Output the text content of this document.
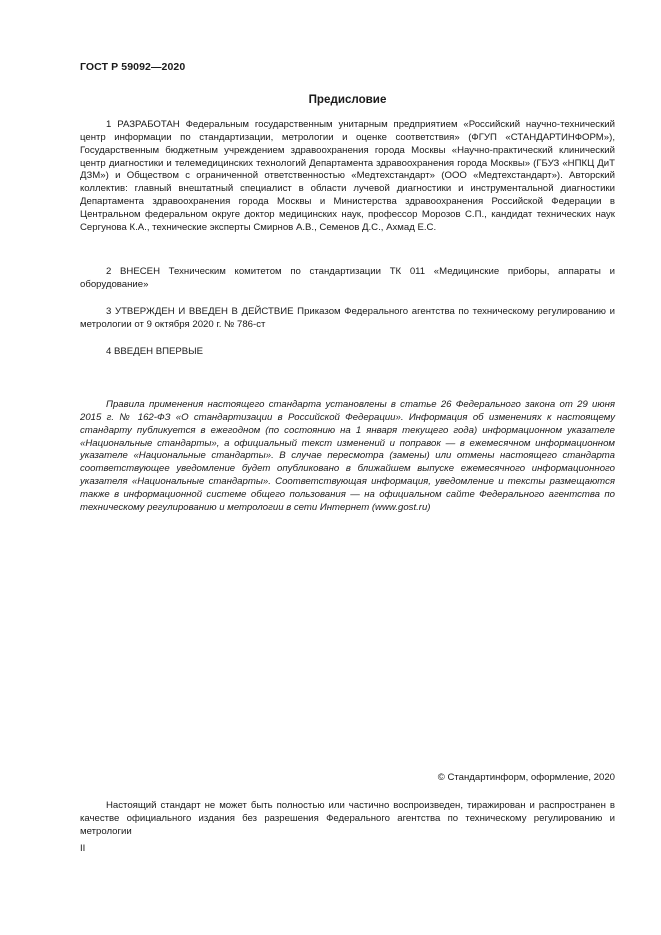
ГОСТ Р 59092—2020
Предисловие

1 РАЗРАБОТАН Федеральным государственным унитарным предприятием «Российский научно-технический центр информации по стандартизации, метрологии и оценке соответствия» (ФГУП «СТАНДАРТИНФОРМ»), Государственным бюджетным учреждением здравоохранения города Москвы «Научно-практический клинический центр диагностики и телемедицинских технологий Департамента здравоохранения города Москвы» (ГБУЗ «НПКЦ ДиТ ДЗМ») и Обществом с ограниченной ответственностью «Медтехстандарт» (ООО «Медтехстандарт»). Авторский коллектив: главный внештатный специалист в области лучевой диагностики и инструментальной диагностики Департамента здравоохранения города Москвы и Министерства здравоохранения Российской Федерации в Центральном федеральном округе доктор медицинских наук, профессор Морозов С.П., кандидат технических наук Сергунова К.А., технические эксперты Смирнов А.В., Семенов Д.С., Ахмад Е.С.

2 ВНЕСЕН Техническим комитетом по стандартизации ТК 011 «Медицинские приборы, аппараты и оборудование»

3 УТВЕРЖДЕН И ВВЕДЕН В ДЕЙСТВИЕ Приказом Федерального агентства по техническому регулированию и метрологии от 9 октября 2020 г. № 786-ст

4 ВВЕДЕН ВПЕРВЫЕ

Правила применения настоящего стандарта установлены в статье 26 Федерального закона от 29 июня 2015 г. № 162-ФЗ «О стандартизации в Российской Федерации». Информация об изменениях к настоящему стандарту публикуется в ежегодном (по состоянию на 1 января текущего года) информационном указателе «Национальные стандарты», а официальный текст изменений и поправок — в ежемесячном информационном указателе «Национальные стандарты». В случае пересмотра (замены) или отмены настоящего стандарта соответствующее уведомление будет опубликовано в ближайшем выпуске ежемесячного информационного указателя «Национальные стандарты». Соответствующая информация, уведомление и тексты размещаются также в информационной системе общего пользования — на официальном сайте Федерального агентства по техническому регулированию и метрологии в сети Интернет (www.gost.ru)

© Стандартинформ, оформление, 2020

Настоящий стандарт не может быть полностью или частично воспроизведен, тиражирован и распространен в качестве официального издания без разрешения Федерального агентства по техническому регулированию и метрологии

II
